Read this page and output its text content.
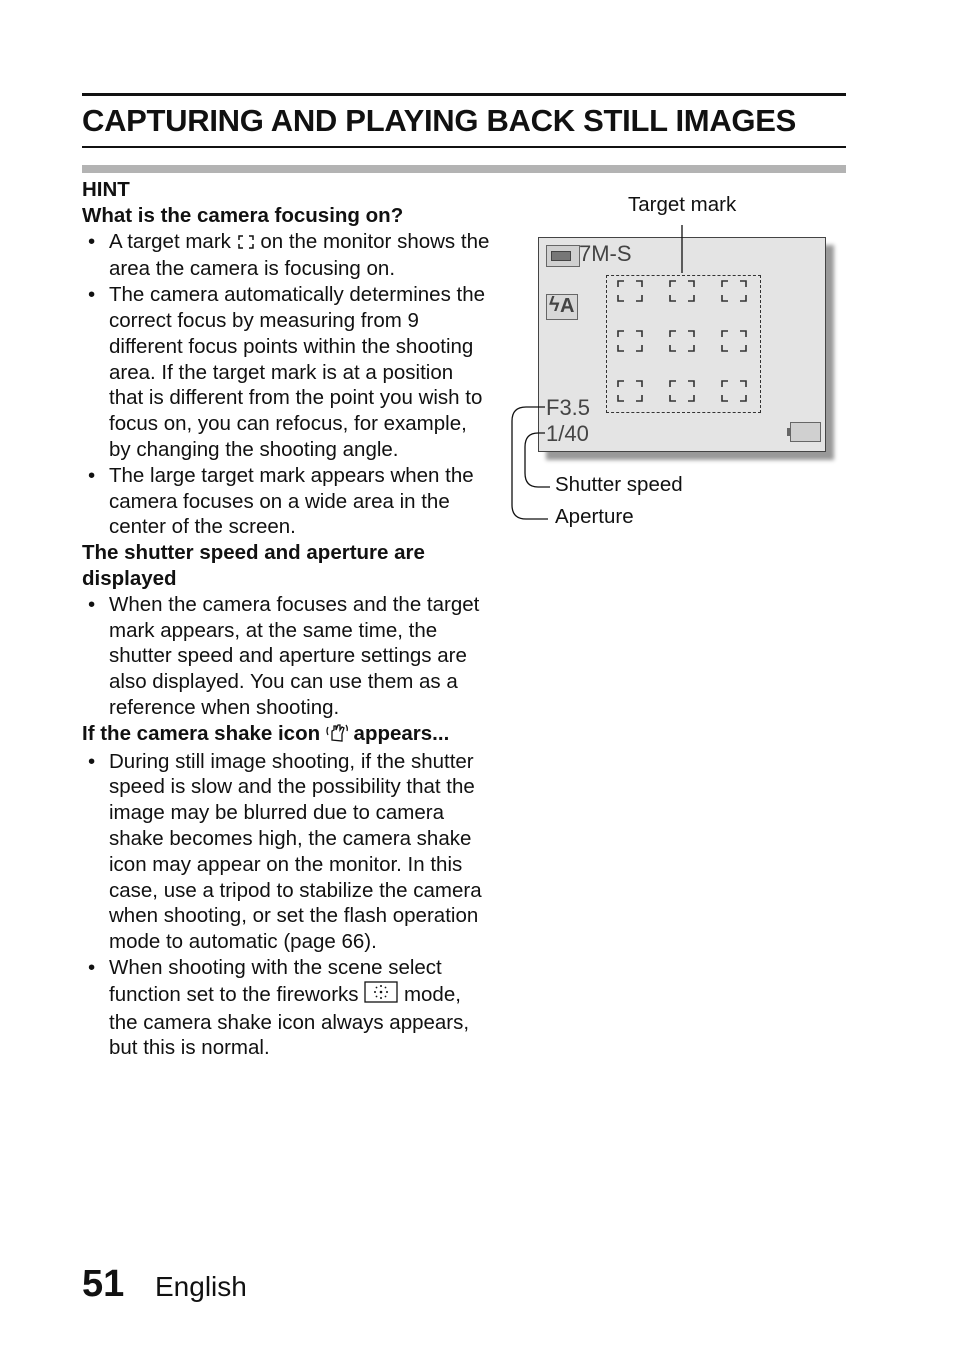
CAPTURING AND PLAYING BACK STILL IMAGES
HINT
What is the camera focusing on?
• A target mark on the monitor shows the area the camera is focusing on.
• The camera automatically determines the correct focus by measuring from 9 different focus points within the shooting area. If the target mark is at a position that is different from the point you wish to focus on, you can refocus, for example, by changing the shooting angle.
• The large target mark appears when the camera focuses on a wide area in the center of the screen.
The shutter speed and aperture are displayed
• When the camera focuses and the target mark appears, at the same time, the shutter speed and aperture settings are also displayed. You can use them as a reference when shooting.
If the camera shake icon appears...
• During still image shooting, if the shutter speed is slow and the possibility that the image may be blurred due to camera shake becomes high, the camera shake icon may appear on the monitor. In this case, use a tripod to stabilize the camera when shooting, or set the flash operation mode to automatic (page 66).
• When shooting with the scene select function set to the fireworks mode, the camera shake icon always appears, but this is normal.
Target mark
7M-S
ϟ A
F3.5
1/40
Shutter speed
Aperture
51 English
